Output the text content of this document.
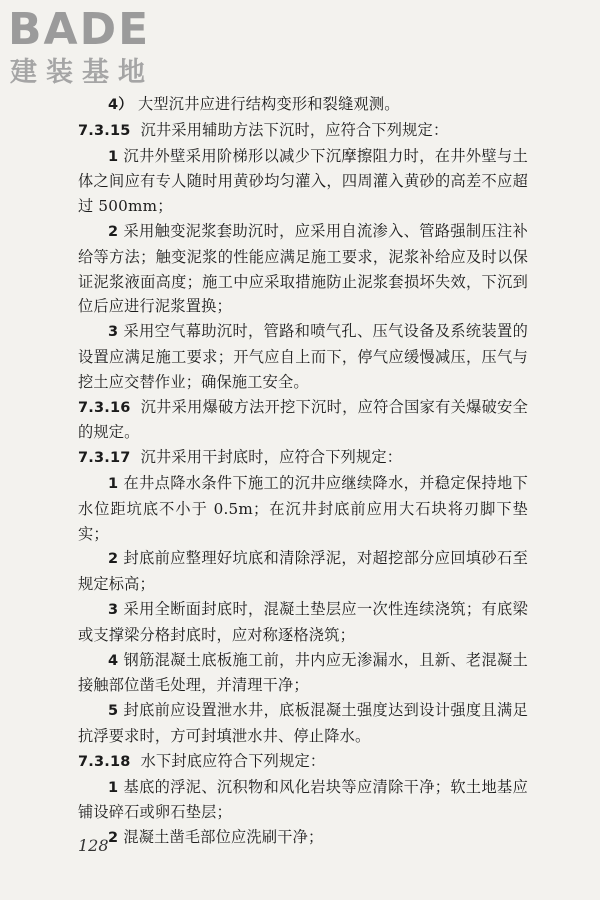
BADE
建装基地

4） 大型沉井应进行结构变形和裂缝观测。

7.3.15 沉井采用辅助方法下沉时，应符合下列规定：

1 沉井外壁采用阶梯形以减少下沉摩擦阻力时，在井外壁与土体之间应有专人随时用黄砂均匀灌入，四周灌入黄砂的高差不应超过 500mm；

2 采用触变泥浆套助沉时，应采用自流渗入、管路强制压注补给等方法；触变泥浆的性能应满足施工要求，泥浆补给应及时以保证泥浆液面高度；施工中应采取措施防止泥浆套损坏失效，下沉到位后应进行泥浆置换；

3 采用空气幕助沉时，管路和喷气孔、压气设备及系统装置的设置应满足施工要求；开气应自上而下，停气应缓慢减压，压气与挖土应交替作业；确保施工安全。

7.3.16 沉井采用爆破方法开挖下沉时，应符合国家有关爆破安全的规定。

7.3.17 沉井采用干封底时，应符合下列规定：

1 在井点降水条件下施工的沉井应继续降水，并稳定保持地下水位距坑底不小于 0.5m；在沉井封底前应用大石块将刃脚下垫实；

2 封底前应整理好坑底和清除浮泥，对超挖部分应回填砂石至规定标高；

3 采用全断面封底时，混凝土垫层应一次性连续浇筑；有底梁或支撑梁分格封底时，应对称逐格浇筑；

4 钢筋混凝土底板施工前，井内应无渗漏水，且新、老混凝土接触部位凿毛处理，并清理干净；

5 封底前应设置泄水井，底板混凝土强度达到设计强度且满足抗浮要求时，方可封填泄水井、停止降水。

7.3.18 水下封底应符合下列规定：

1 基底的浮泥、沉积物和风化岩块等应清除干净；软土地基应铺设碎石或卵石垫层；

2 混凝土凿毛部位应洗刷干净；

128
